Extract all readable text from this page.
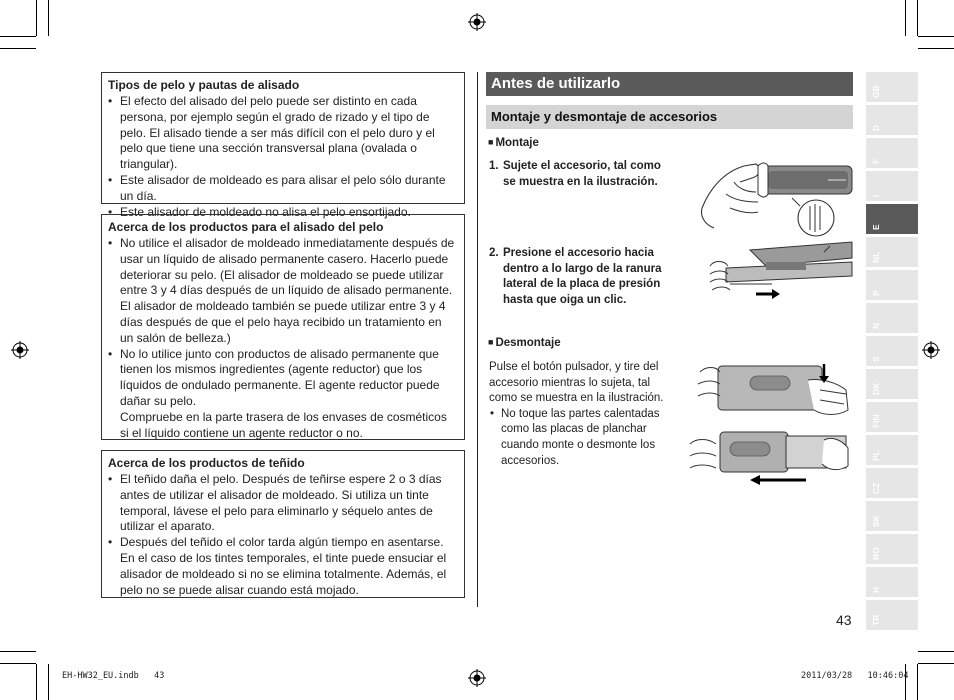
Tipos de pelo y pautas de alisado
• El efecto del alisado del pelo puede ser distinto en cada persona, por ejemplo según el grado de rizado y el tipo de pelo. El alisado tiende a ser más difícil con el pelo duro y el pelo que tiene una sección transversal plana (ovalada o triangular).
• Este alisador de moldeado es para alisar el pelo sólo durante un día.
• Este alisador de moldeado no alisa el pelo ensortijado.
Acerca de los productos para el alisado del pelo
• No utilice el alisador de moldeado inmediatamente después de usar un líquido de alisado permanente casero. Hacerlo puede deteriorar su pelo. (El alisador de moldeado se puede utilizar entre 3 y 4 días después de un líquido de alisado permanente. El alisador de moldeado también se puede utilizar entre 3 y 4 días después de que el pelo haya recibido un tratamiento en un salón de belleza.)
• No lo utilice junto con productos de alisado permanente que tienen los mismos ingredientes (agente reductor) que los líquidos de ondulado permanente. El agente reductor puede dañar su pelo.
Compruebe en la parte trasera de los envases de cosméticos si el líquido contiene un agente reductor o no.
Acerca de los productos de teñido
• El teñido daña el pelo. Después de teñirse espere 2 o 3 días antes de utilizar el alisador de moldeado. Si utiliza un tinte temporal, lávese el pelo para eliminarlo y séquelo antes de utilizar el aparato.
• Después del teñido el color tarda algún tiempo en asentarse. En el caso de los tintes temporales, el tinte puede ensuciar el alisador de moldeado si no se elimina totalmente. Además, el pelo no se puede alisar cuando está mojado.
Antes de utilizarlo
Montaje y desmontaje de accesorios
■ Montaje
1. Sujete el accesorio, tal como se muestra en la ilustración.
2. Presione el accesorio hacia dentro a lo largo de la ranura lateral de la placa de presión hasta que oiga un clic.
■ Desmontaje
Pulse el botón pulsador, y tire del accesorio mientras lo sujeta, tal como se muestra en la ilustración.
• No toque las partes calentadas como las placas de planchar cuando monte o desmonte los accesorios.
GB
D
F
I
E
NL
P
N
S
DK
FIN
PL
CZ
SK
RO
H
TR
43
EH-HW32_EU.indb   43	2011/03/28   10:46:04
